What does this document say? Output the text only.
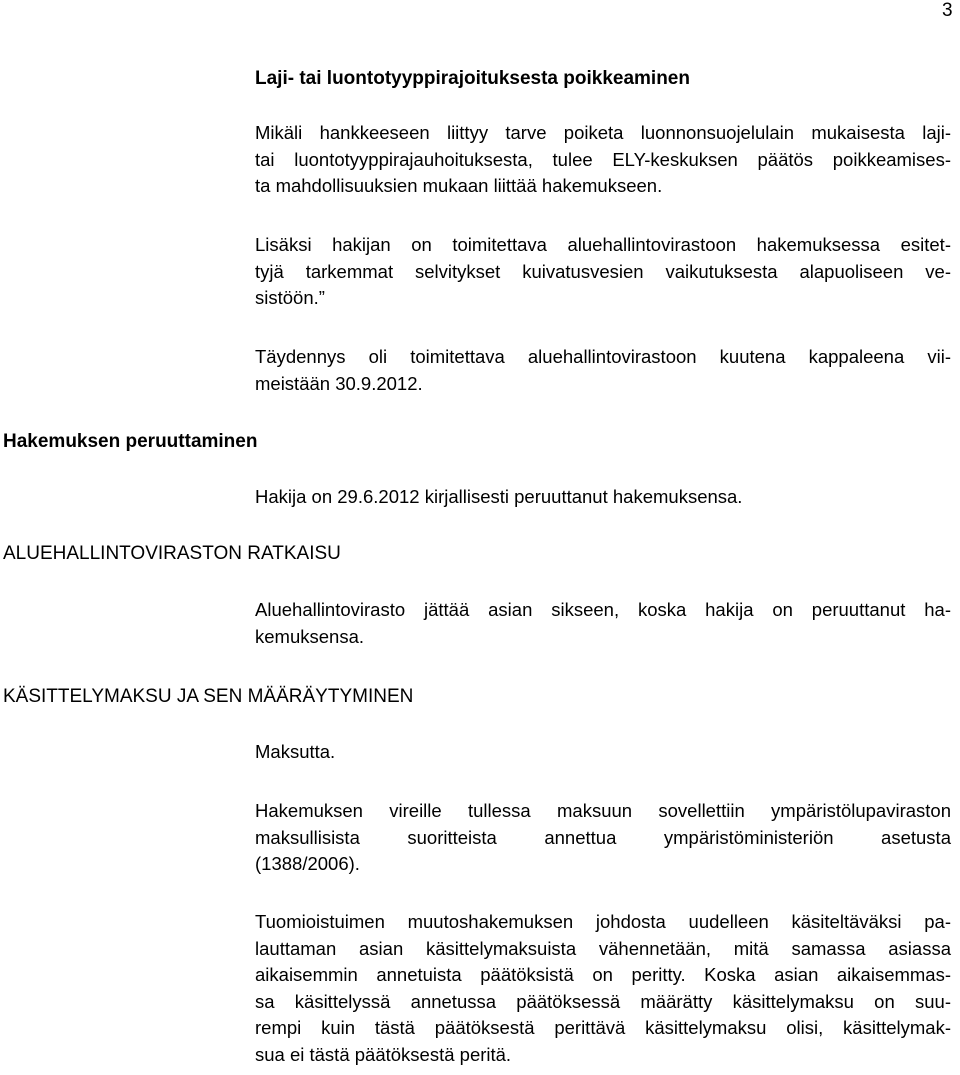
3
Laji- tai luontotyyppirajoituksesta poikkeaminen
Mikäli hankkeeseen liittyy tarve poiketa luonnonsuojelulain mukaisesta laji-
tai luontotyyppirajauhoituksesta, tulee ELY-keskuksen päätös poikkeamises-
ta mahdollisuuksien mukaan liittää hakemukseen.
Lisäksi hakijan on toimitettava aluehallintovirastoon hakemuksessa esitet-
tyjä tarkemmat selvitykset kuivatusvesien vaikutuksesta alapuoliseen ve-
sistöön.”
Täydennys oli toimitettava aluehallintovirastoon kuutena kappaleena vii-
meistään 30.9.2012.
Hakemuksen peruuttaminen
Hakija on 29.6.2012 kirjallisesti peruuttanut hakemuksensa.
ALUEHALLINTOVIRASTON RATKAISU
Aluehallintovirasto jättää asian sikseen, koska hakija on peruuttanut ha-
kemuksensa.
KÄSITTELYMAKSU JA SEN MÄÄRÄYTYMINEN
Maksutta.
Hakemuksen vireille tullessa maksuun sovellettiin ympäristölupaviraston
maksullisista suoritteista annettua ympäristöministeriön asetusta
(1388/2006).
Tuomioistuimen muutoshakemuksen johdosta uudelleen käsiteltäväksi pa-
lauttaman asian käsittelymaksuista vähennetään, mitä samassa asiassa
aikaisemmin annetuista päätöksistä on peritty. Koska asian aikaisemmas-
sa käsittelyssä annetussa päätöksessä määrätty käsittelymaksu on suu-
rempi kuin tästä päätöksestä perittävä käsittelymaksu olisi, käsittelymak-
sua ei tästä päätöksestä peritä.
